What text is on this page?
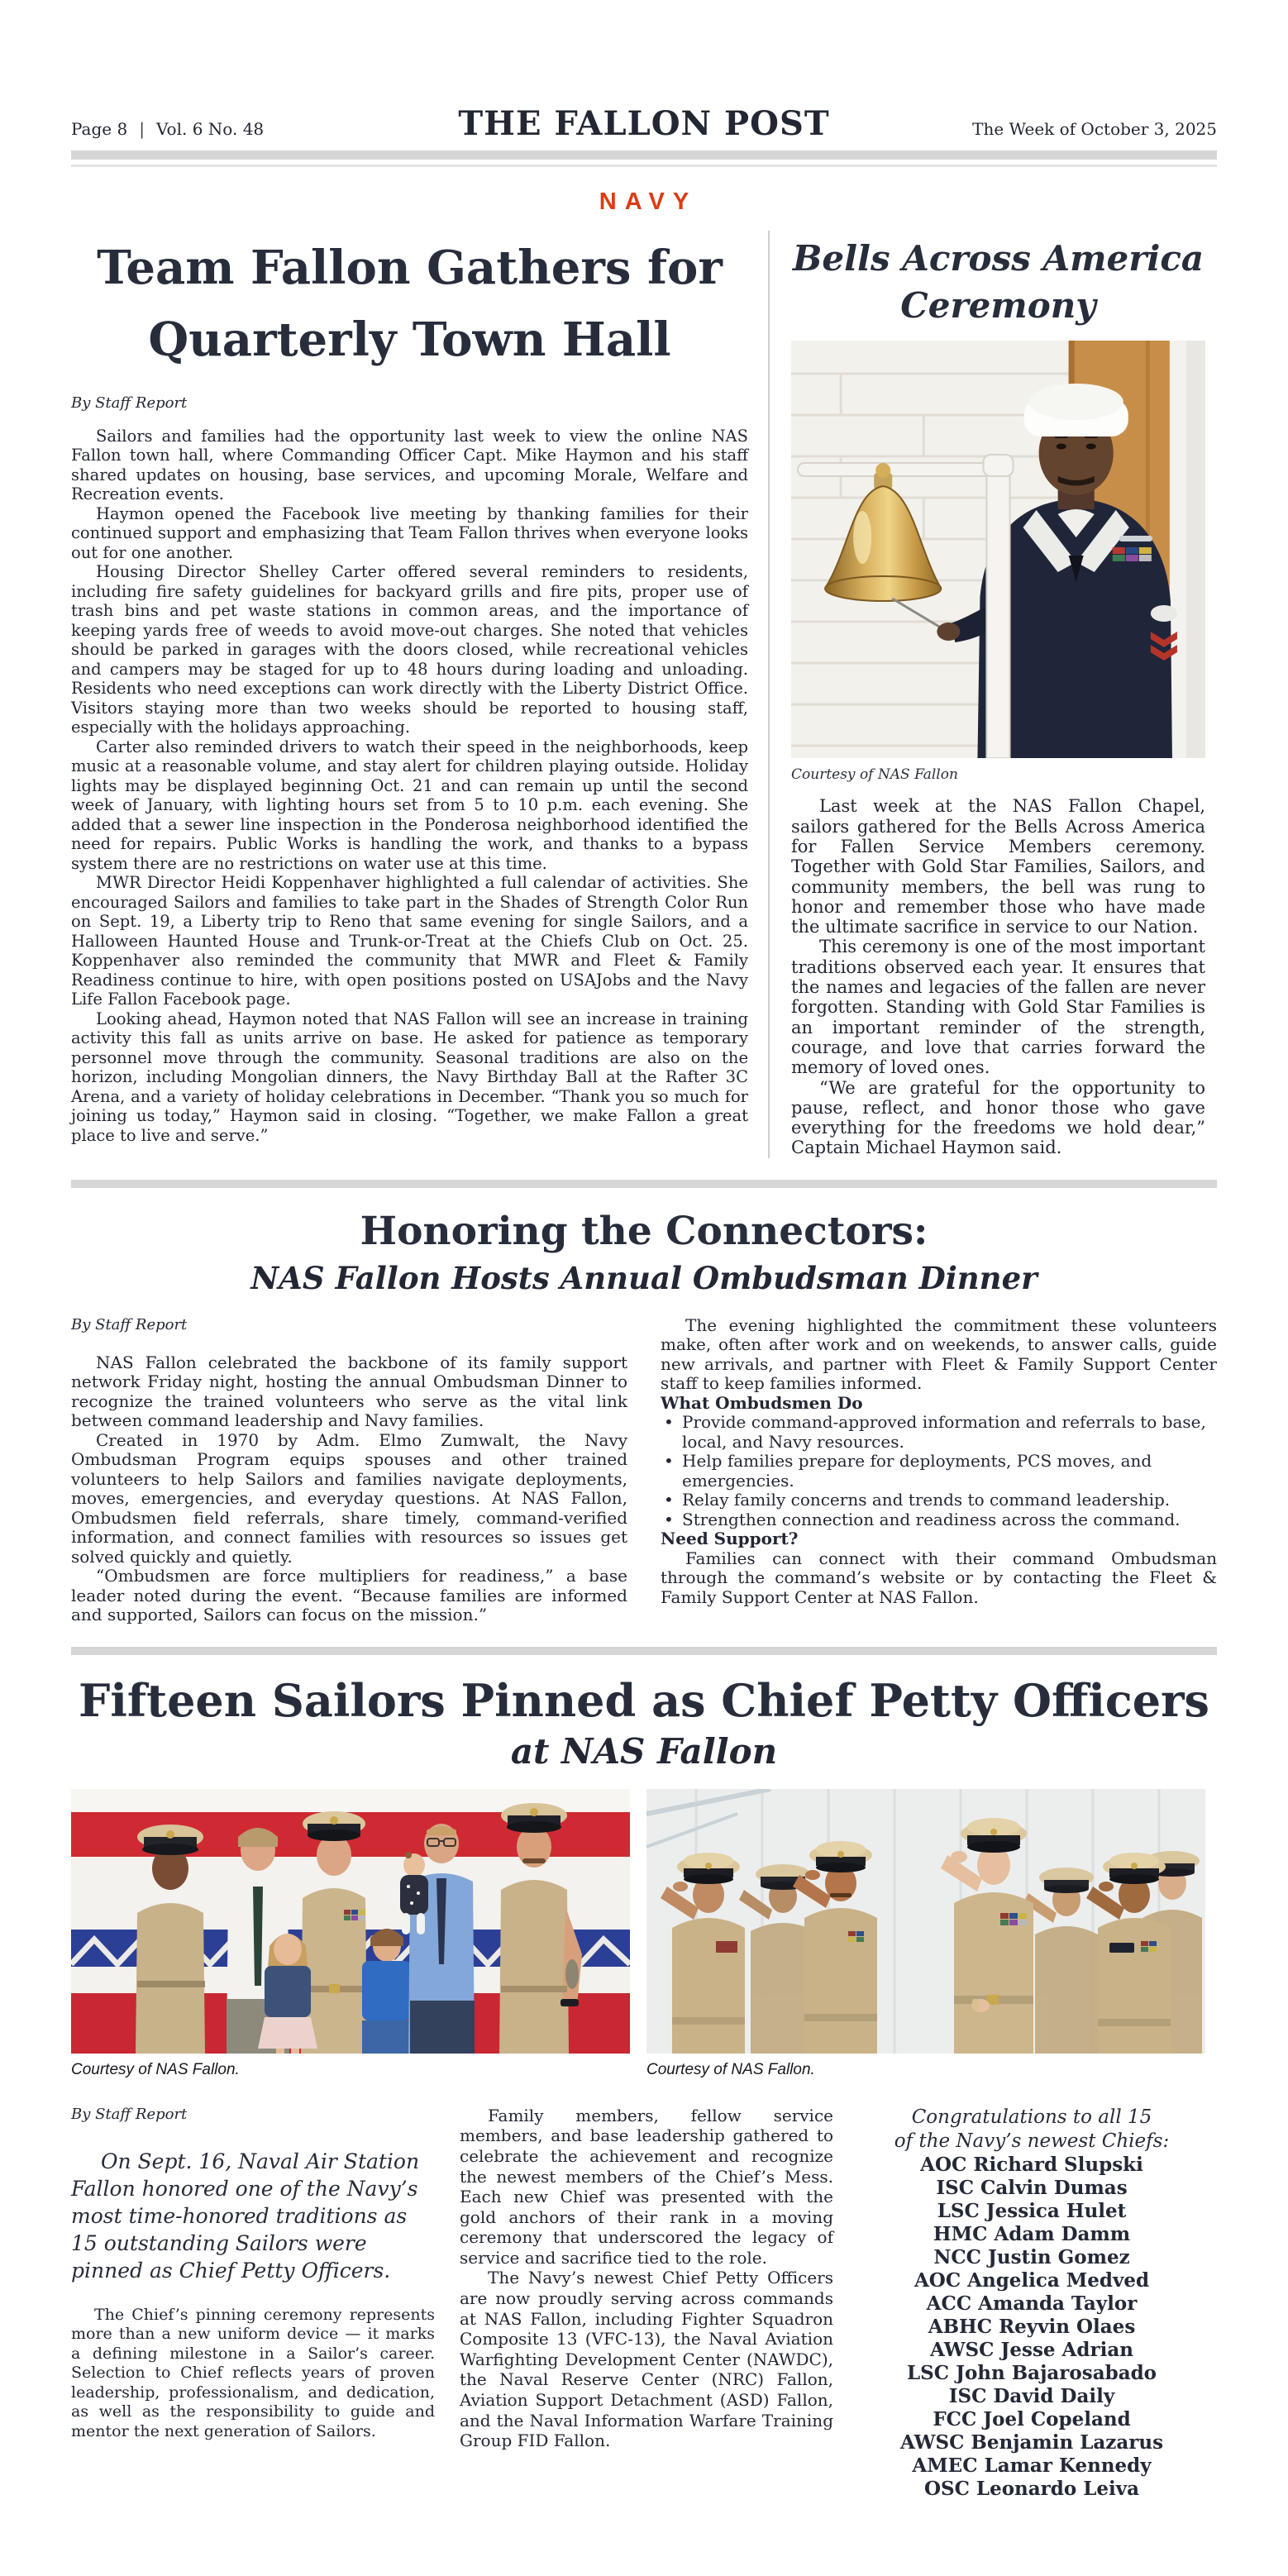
Page 8 | Vol. 6 No. 48	THE FALLON POST	The Week of October 3, 2025
NAVY
Team Fallon Gathers for
Quarterly Town Hall
By Staff Report

Sailors and families had the opportunity last week to view the online NAS Fallon town hall, where Commanding Officer Capt. Mike Haymon and his staff shared updates on housing, base services, and upcoming Morale, Welfare and Recreation events.

Haymon opened the Facebook live meeting by thanking families for their continued support and emphasizing that Team Fallon thrives when everyone looks out for one another.

Housing Director Shelley Carter offered several reminders to residents, including fire safety guidelines for backyard grills and fire pits, proper use of trash bins and pet waste stations in common areas, and the importance of keeping yards free of weeds to avoid move-out charges. She noted that vehicles should be parked in garages with the doors closed, while recreational vehicles and campers may be staged for up to 48 hours during loading and unloading. Residents who need exceptions can work directly with the Liberty District Office. Visitors staying more than two weeks should be reported to housing staff, especially with the holidays approaching.

Carter also reminded drivers to watch their speed in the neighborhoods, keep music at a reasonable volume, and stay alert for children playing outside. Holiday lights may be displayed beginning Oct. 21 and can remain up until the second week of January, with lighting hours set from 5 to 10 p.m. each evening. She added that a sewer line inspection in the Ponderosa neighborhood identified the need for repairs. Public Works is handling the work, and thanks to a bypass system there are no restrictions on water use at this time.

MWR Director Heidi Koppenhaver highlighted a full calendar of activities. She encouraged Sailors and families to take part in the Shades of Strength Color Run on Sept. 19, a Liberty trip to Reno that same evening for single Sailors, and a Halloween Haunted House and Trunk-or-Treat at the Chiefs Club on Oct. 25. Koppenhaver also reminded the community that MWR and Fleet & Family Readiness continue to hire, with open positions posted on USAJobs and the Navy Life Fallon Facebook page.

Looking ahead, Haymon noted that NAS Fallon will see an increase in training activity this fall as units arrive on base. He asked for patience as temporary personnel move through the community. Seasonal traditions are also on the horizon, including Mongolian dinners, the Navy Birthday Ball at the Rafter 3C Arena, and a variety of holiday celebrations in December. “Thank you so much for joining us today,” Haymon said in closing. “Together, we make Fallon a great place to live and serve.”

Bells Across America
Ceremony
Courtesy of NAS Fallon

Last week at the NAS Fallon Chapel, sailors gathered for the Bells Across America for Fallen Service Members ceremony. Together with Gold Star Families, Sailors, and community members, the bell was rung to honor and remember those who have made the ultimate sacrifice in service to our Nation.

This ceremony is one of the most important traditions observed each year. It ensures that the names and legacies of the fallen are never forgotten. Standing with Gold Star Families is an important reminder of the strength, courage, and love that carries forward the memory of loved ones.

“We are grateful for the opportunity to pause, reflect, and honor those who gave everything for the freedoms we hold dear,” Captain Michael Haymon said.

Honoring the Connectors:
NAS Fallon Hosts Annual Ombudsman Dinner
By Staff Report

NAS Fallon celebrated the backbone of its family support network Friday night, hosting the annual Ombudsman Dinner to recognize the trained volunteers who serve as the vital link between command leadership and Navy families.

Created in 1970 by Adm. Elmo Zumwalt, the Navy Ombudsman Program equips spouses and other trained volunteers to help Sailors and families navigate deployments, moves, emergencies, and everyday questions. At NAS Fallon, Ombudsmen field referrals, share timely, command-verified information, and connect families with resources so issues get solved quickly and quietly.

“Ombudsmen are force multipliers for readiness,” a base leader noted during the event. “Because families are informed and supported, Sailors can focus on the mission.”

The evening highlighted the commitment these volunteers make, often after work and on weekends, to answer calls, guide new arrivals, and partner with Fleet & Family Support Center staff to keep families informed.

What Ombudsmen Do
• Provide command-approved information and referrals to base, local, and Navy resources.
• Help families prepare for deployments, PCS moves, and emergencies.
• Relay family concerns and trends to command leadership.
• Strengthen connection and readiness across the command.
Need Support?

Families can connect with their command Ombudsman through the command’s website or by contacting the Fleet & Family Support Center at NAS Fallon.

Fifteen Sailors Pinned as Chief Petty Officers
at NAS Fallon
Courtesy of NAS Fallon.	Courtesy of NAS Fallon.
By Staff Report

On Sept. 16, Naval Air Station Fallon honored one of the Navy’s most time-honored traditions as 15 outstanding Sailors were pinned as Chief Petty Officers.

The Chief’s pinning ceremony represents more than a new uniform device — it marks a defining milestone in a Sailor’s career. Selection to Chief reflects years of proven leadership, professionalism, and dedication, as well as the responsibility to guide and mentor the next generation of Sailors.

Family members, fellow service members, and base leadership gathered to celebrate the achievement and recognize the newest members of the Chief’s Mess. Each new Chief was presented with the gold anchors of their rank in a moving ceremony that underscored the legacy of service and sacrifice tied to the role.

The Navy’s newest Chief Petty Officers are now proudly serving across commands at NAS Fallon, including Fighter Squadron Composite 13 (VFC-13), the Naval Aviation Warfighting Development Center (NAWDC), the Naval Reserve Center (NRC) Fallon, Aviation Support Detachment (ASD) Fallon, and the Naval Information Warfare Training Group FID Fallon.

Congratulations to all 15
of the Navy’s newest Chiefs:
AOC Richard Slupski
ISC Calvin Dumas
LSC Jessica Hulet
HMC Adam Damm
NCC Justin Gomez
AOC Angelica Medved
ACC Amanda Taylor
ABHC Reyvin Olaes
AWSC Jesse Adrian
LSC John Bajarosabado
ISC David Daily
FCC Joel Copeland
AWSC Benjamin Lazarus
AMEC Lamar Kennedy
OSC Leonardo Leiva
